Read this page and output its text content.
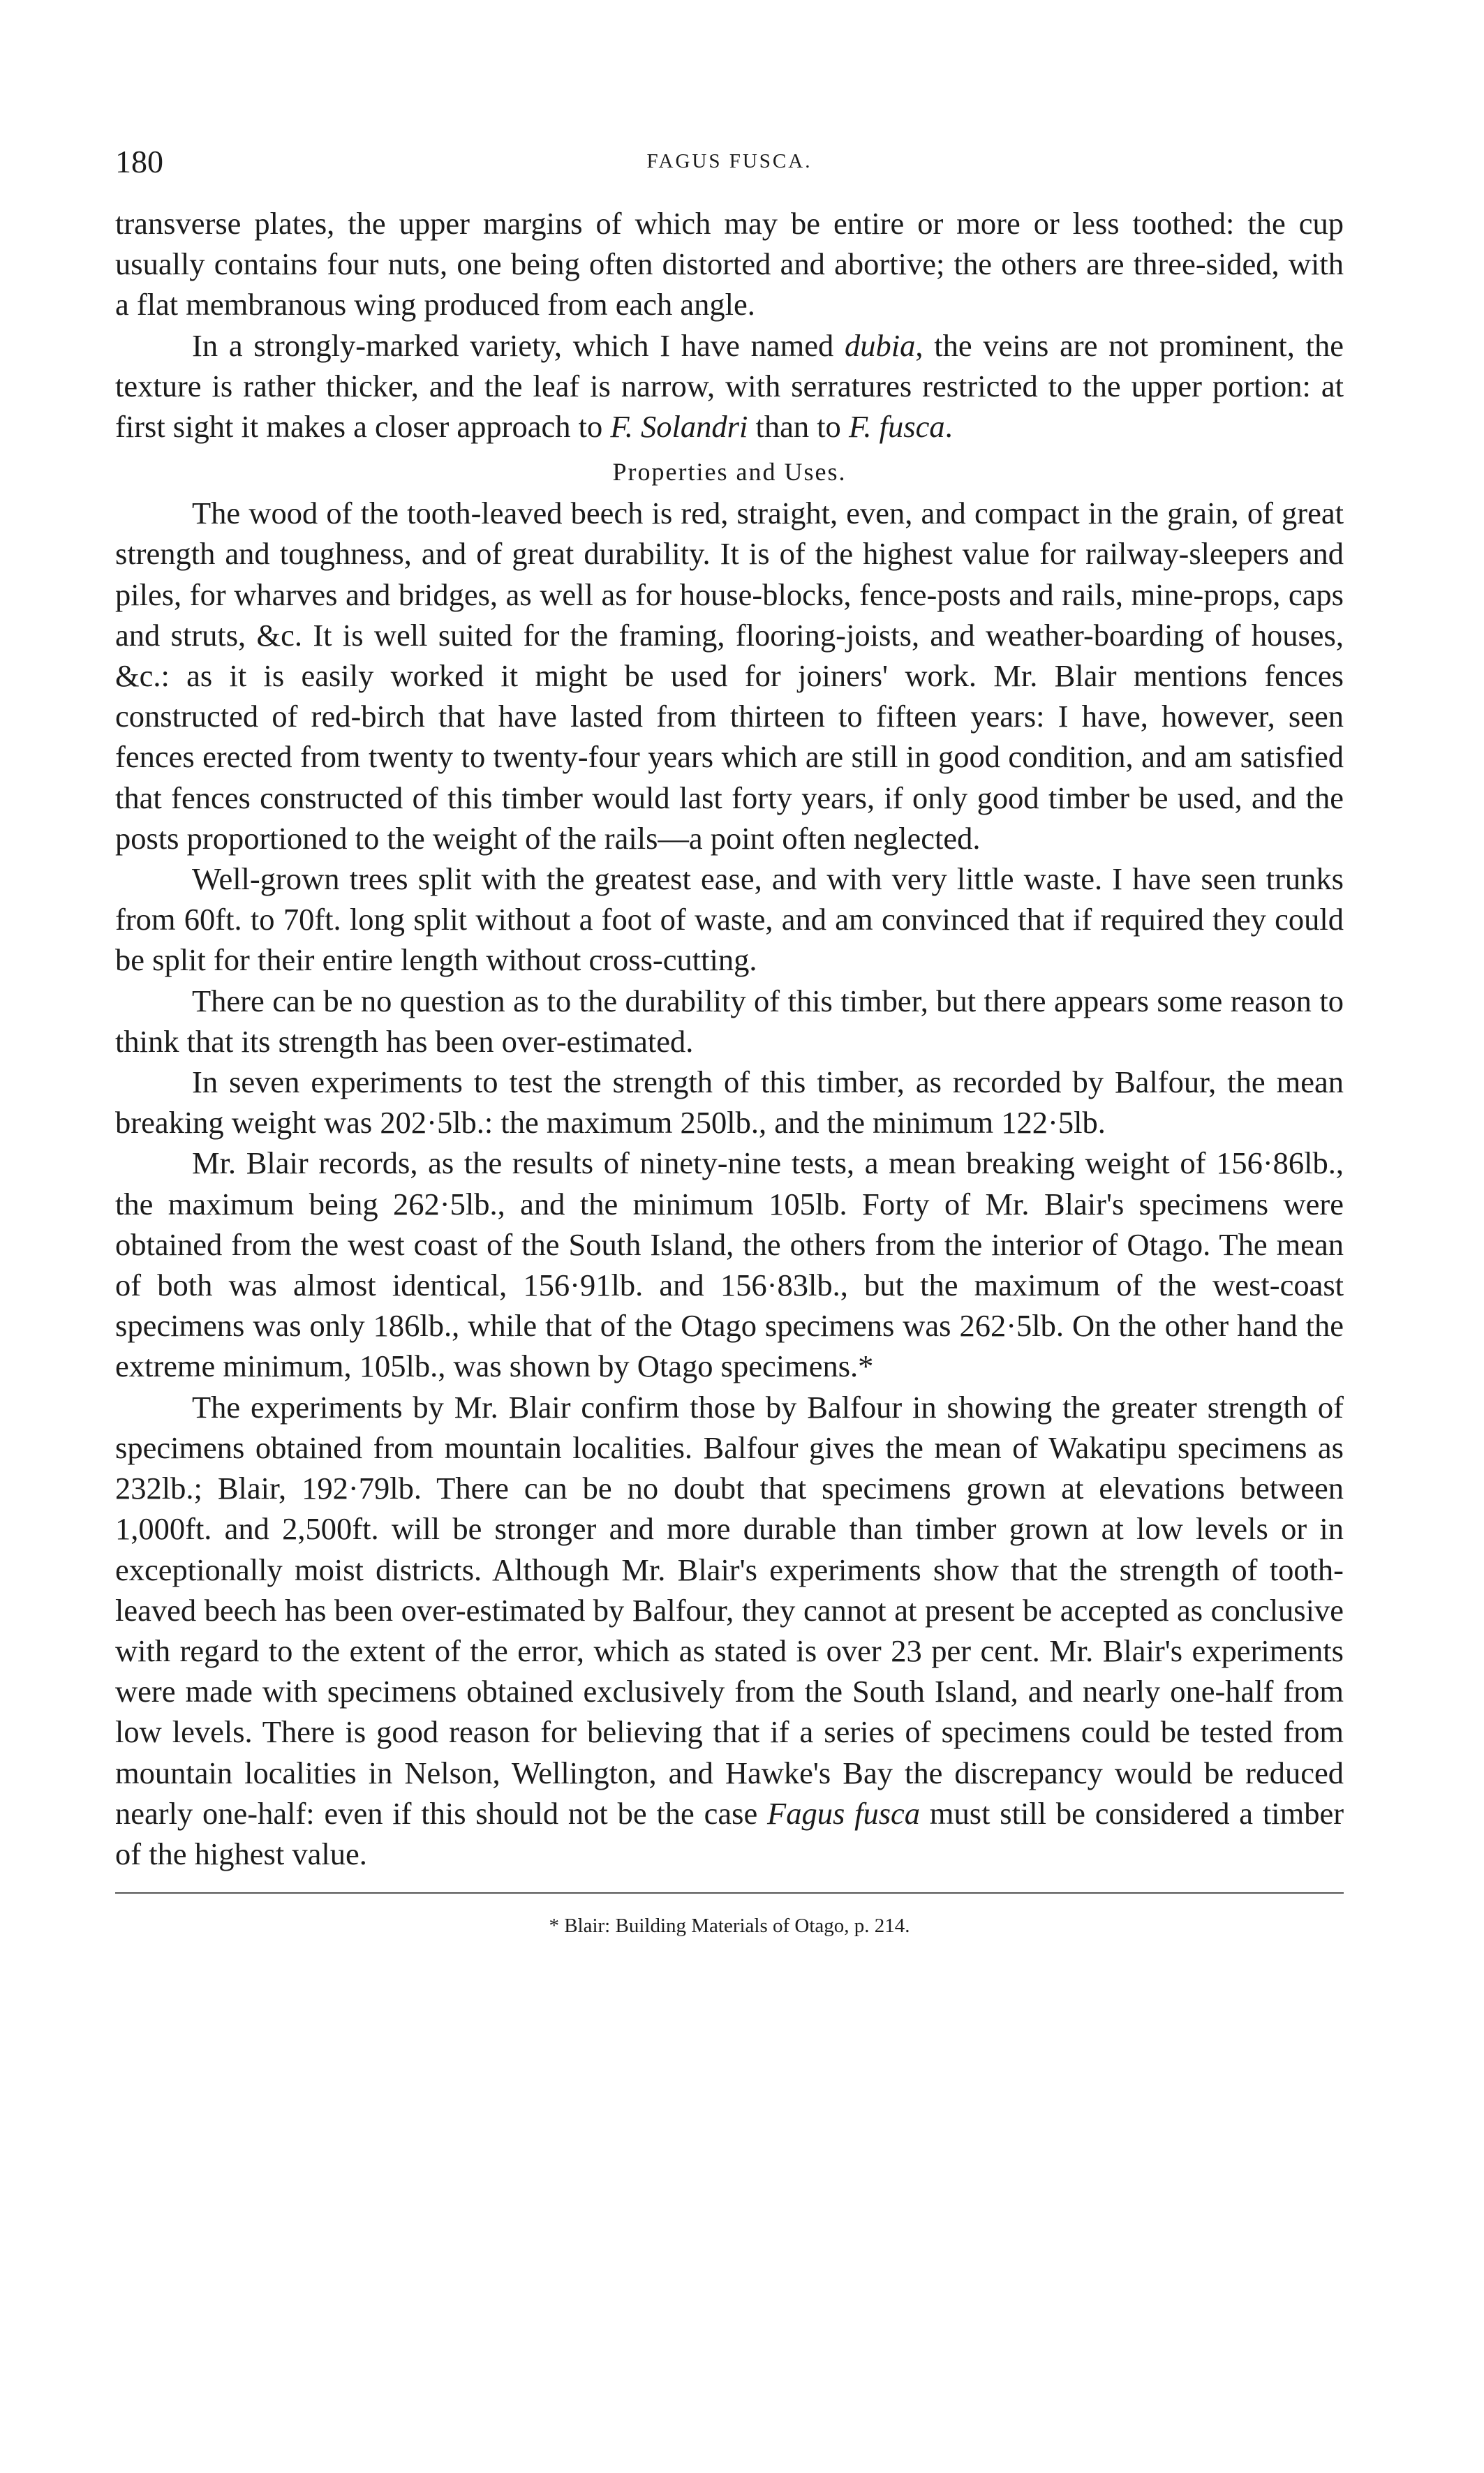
180	FAGUS FUSCA.

transverse plates, the upper margins of which may be entire or more or less toothed: the cup usually contains four nuts, one being often distorted and abortive; the others are three-sided, with a flat membranous wing produced from each angle.

In a strongly-marked variety, which I have named dubia, the veins are not prominent, the texture is rather thicker, and the leaf is narrow, with serratures restricted to the upper portion: at first sight it makes a closer approach to F. Solandri than to F. fusca.

Properties and Uses.

The wood of the tooth-leaved beech is red, straight, even, and compact in the grain, of great strength and toughness, and of great durability. It is of the highest value for railway-sleepers and piles, for wharves and bridges, as well as for house-blocks, fence-posts and rails, mine-props, caps and struts, &c. It is well suited for the framing, flooring-joists, and weather-boarding of houses, &c.: as it is easily worked it might be used for joiners' work. Mr. Blair mentions fences constructed of red-birch that have lasted from thirteen to fifteen years: I have, however, seen fences erected from twenty to twenty-four years which are still in good condition, and am satisfied that fences constructed of this timber would last forty years, if only good timber be used, and the posts proportioned to the weight of the rails—a point often neglected.

Well-grown trees split with the greatest ease, and with very little waste. I have seen trunks from 60ft. to 70ft. long split without a foot of waste, and am convinced that if required they could be split for their entire length without cross-cutting.

There can be no question as to the durability of this timber, but there appears some reason to think that its strength has been over-estimated.

In seven experiments to test the strength of this timber, as recorded by Balfour, the mean breaking weight was 202·5lb.: the maximum 250lb., and the minimum 122·5lb.

Mr. Blair records, as the results of ninety-nine tests, a mean breaking weight of 156·86lb., the maximum being 262·5lb., and the minimum 105lb. Forty of Mr. Blair's specimens were obtained from the west coast of the South Island, the others from the interior of Otago. The mean of both was almost identical, 156·91lb. and 156·83lb., but the maximum of the west-coast specimens was only 186lb., while that of the Otago specimens was 262·5lb. On the other hand the extreme minimum, 105lb., was shown by Otago specimens.*

The experiments by Mr. Blair confirm those by Balfour in showing the greater strength of specimens obtained from mountain localities. Balfour gives the mean of Wakatipu specimens as 232lb.; Blair, 192·79lb. There can be no doubt that specimens grown at elevations between 1,000ft. and 2,500ft. will be stronger and more durable than timber grown at low levels or in exceptionally moist districts. Although Mr. Blair's experiments show that the strength of tooth-leaved beech has been over-estimated by Balfour, they cannot at present be accepted as conclusive with regard to the extent of the error, which as stated is over 23 per cent. Mr. Blair's experiments were made with specimens obtained exclusively from the South Island, and nearly one-half from low levels. There is good reason for believing that if a series of specimens could be tested from mountain localities in Nelson, Wellington, and Hawke's Bay the discrepancy would be reduced nearly one-half: even if this should not be the case Fagus fusca must still be considered a timber of the highest value.

* Blair: Building Materials of Otago, p. 214.
